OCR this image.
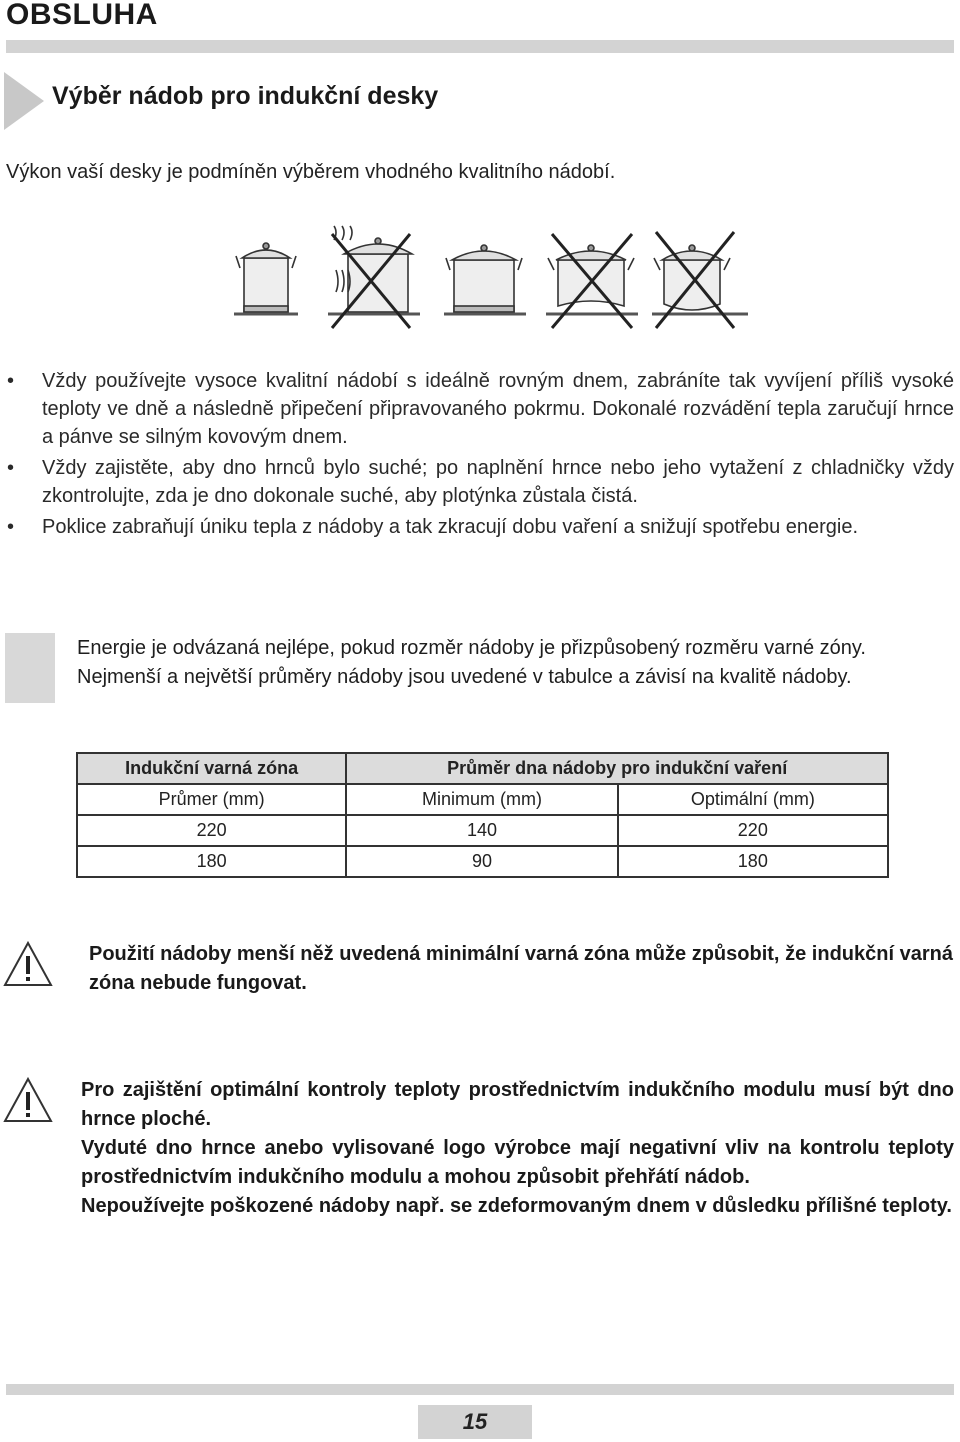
OBSLUHA
Výběr nádob pro indukční desky
Výkon vaší desky je podmíněn výběrem vhodného kvalitního nádobí.
• Vždy používejte vysoce kvalitní nádobí s ideálně rovným dnem, zabráníte tak vyvíjení příliš vysoké teploty ve dně a následně připečení připravovaného pokrmu. Dokonalé rozvádění tepla zaručují hrnce a pánve se silným kovovým dnem.
• Vždy zajistěte, aby dno hrnců bylo suché; po naplnění hrnce nebo jeho vytažení z chladničky vždy zkontrolujte, zda je dno dokonale suché, aby plotýnka zůstala čistá.
• Poklice zabraňují úniku tepla z nádoby a tak zkracují dobu vaření a snižují spotřebu energie.
Energie je odvázaná nejlépe, pokud rozměr nádoby je přizpůsobený rozměru varné zóny.
Nejmenší a největší průměry nádoby jsou uvedené v tabulce a závisí na kvalitě nádoby.
Indukční varná zóna	Průměr dna nádoby pro indukční vaření	
Průmer (mm)	Minimum (mm)	Optimální (mm)
220	140	220
180	90	180
Použití nádoby menší něž uvedená minimální varná zóna může způsobit, že indukční varná zóna nebude fungovat.

Pro zajištění optimální kontroly teploty prostřednictvím indukčního modulu musí být dno hrnce ploché.

Vyduté dno hrnce anebo vylisované logo výrobce mají negativní vliv na kontrolu teploty prostřednictvím indukčního modulu a mohou způsobit přehřátí nádob.

Nepoužívejte poškozené nádoby např. se zdeformovaným dnem v důsledku přílišné teploty.

15
